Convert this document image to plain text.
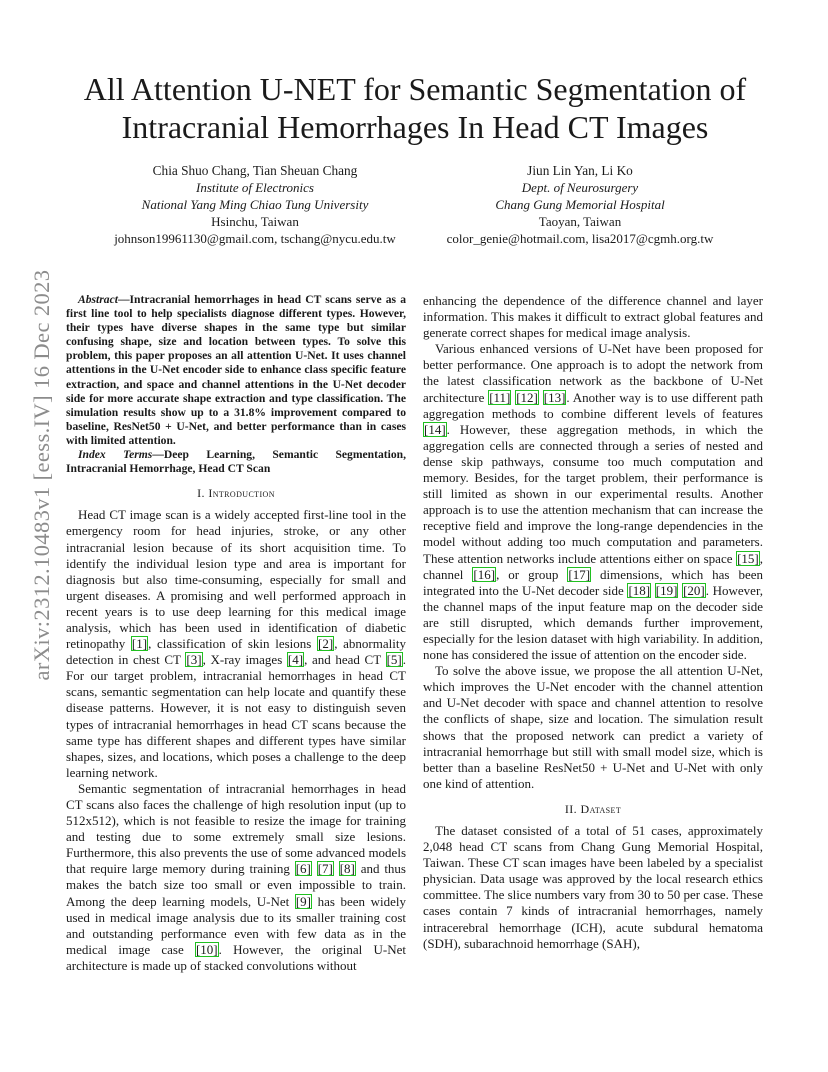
arXiv:2312.10483v1 [eess.IV] 16 Dec 2023
All Attention U-NET for Semantic Segmentation of Intracranial Hemorrhages In Head CT Images
Chia Shuo Chang, Tian Sheuan Chang
Institute of Electronics
National Yang Ming Chiao Tung University
Hsinchu, Taiwan
johnson19961130@gmail.com, tschang@nycu.edu.tw
Jiun Lin Yan, Li Ko
Dept. of Neurosurgery
Chang Gung Memorial Hospital
Taoyan, Taiwan
color_genie@hotmail.com, lisa2017@cgmh.org.tw

Abstract—Intracranial hemorrhages in head CT scans serve as a first line tool to help specialists diagnose different types. However, their types have diverse shapes in the same type but similar confusing shape, size and location between types. To solve this problem, this paper proposes an all attention U-Net. It uses channel attentions in the U-Net encoder side to enhance class specific feature extraction, and space and channel attentions in the U-Net decoder side for more accurate shape extraction and type classification. The simulation results show up to a 31.8% improvement compared to baseline, ResNet50 + U-Net, and better performance than in cases with limited attention.

Index Terms—Deep Learning, Semantic Segmentation, Intracranial Hemorrhage, Head CT Scan

I. Introduction

Head CT image scan is a widely accepted first-line tool in the emergency room for head injuries, stroke, or any other intracranial lesion because of its short acquisition time. To identify the individual lesion type and area is important for diagnosis but also time-consuming, especially for small and urgent diseases. A promising and well performed approach in recent years is to use deep learning for this medical image analysis, which has been used in identification of diabetic retinopathy [1], classification of skin lesions [2], abnormality detection in chest CT [3], X-ray images [4], and head CT [5]. For our target problem, intracranial hemorrhages in head CT scans, semantic segmentation can help locate and quantify these disease patterns. However, it is not easy to distinguish seven types of intracranial hemorrhages in head CT scans because the same type has different shapes and different types have similar shapes, sizes, and locations, which poses a challenge to the deep learning network.

Semantic segmentation of intracranial hemorrhages in head CT scans also faces the challenge of high resolution input (up to 512x512), which is not feasible to resize the image for training and testing due to some extremely small size lesions. Furthermore, this also prevents the use of some advanced models that require large memory during training [6] [7] [8] and thus makes the batch size too small or even impossible to train. Among the deep learning models, U-Net [9] has been widely used in medical image analysis due to its smaller training cost and outstanding performance even with few data as in the medical image case [10]. However, the original U-Net architecture is made up of stacked convolutions without

enhancing the dependence of the difference channel and layer information. This makes it difficult to extract global features and generate correct shapes for medical image analysis.

Various enhanced versions of U-Net have been proposed for better performance. One approach is to adopt the network from the latest classification network as the backbone of U-Net architecture [11] [12] [13]. Another way is to use different path aggregation methods to combine different levels of features [14]. However, these aggregation methods, in which the aggregation cells are connected through a series of nested and dense skip pathways, consume too much computation and memory. Besides, for the target problem, their performance is still limited as shown in our experimental results. Another approach is to use the attention mechanism that can increase the receptive field and improve the long-range dependencies in the model without adding too much computation and parameters. These attention networks include attentions either on space [15], channel [16], or group [17] dimensions, which has been integrated into the U-Net decoder side [18] [19] [20]. However, the channel maps of the input feature map on the decoder side are still disrupted, which demands further improvement, especially for the lesion dataset with high variability. In addition, none has considered the issue of attention on the encoder side.

To solve the above issue, we propose the all attention U-Net, which improves the U-Net encoder with the channel attention and U-Net decoder with space and channel attention to resolve the conflicts of shape, size and location. The simulation result shows that the proposed network can predict a variety of intracranial hemorrhage but still with small model size, which is better than a baseline ResNet50 + U-Net and U-Net with only one kind of attention.

II. Dataset

The dataset consisted of a total of 51 cases, approximately 2,048 head CT scans from Chang Gung Memorial Hospital, Taiwan. These CT scan images have been labeled by a specialist physician. Data usage was approved by the local research ethics committee. The slice numbers vary from 30 to 50 per case. These cases contain 7 kinds of intracranial hemorrhages, namely intracerebral hemorrhage (ICH), acute subdural hematoma (SDH), subarachnoid hemorrhage (SAH),
